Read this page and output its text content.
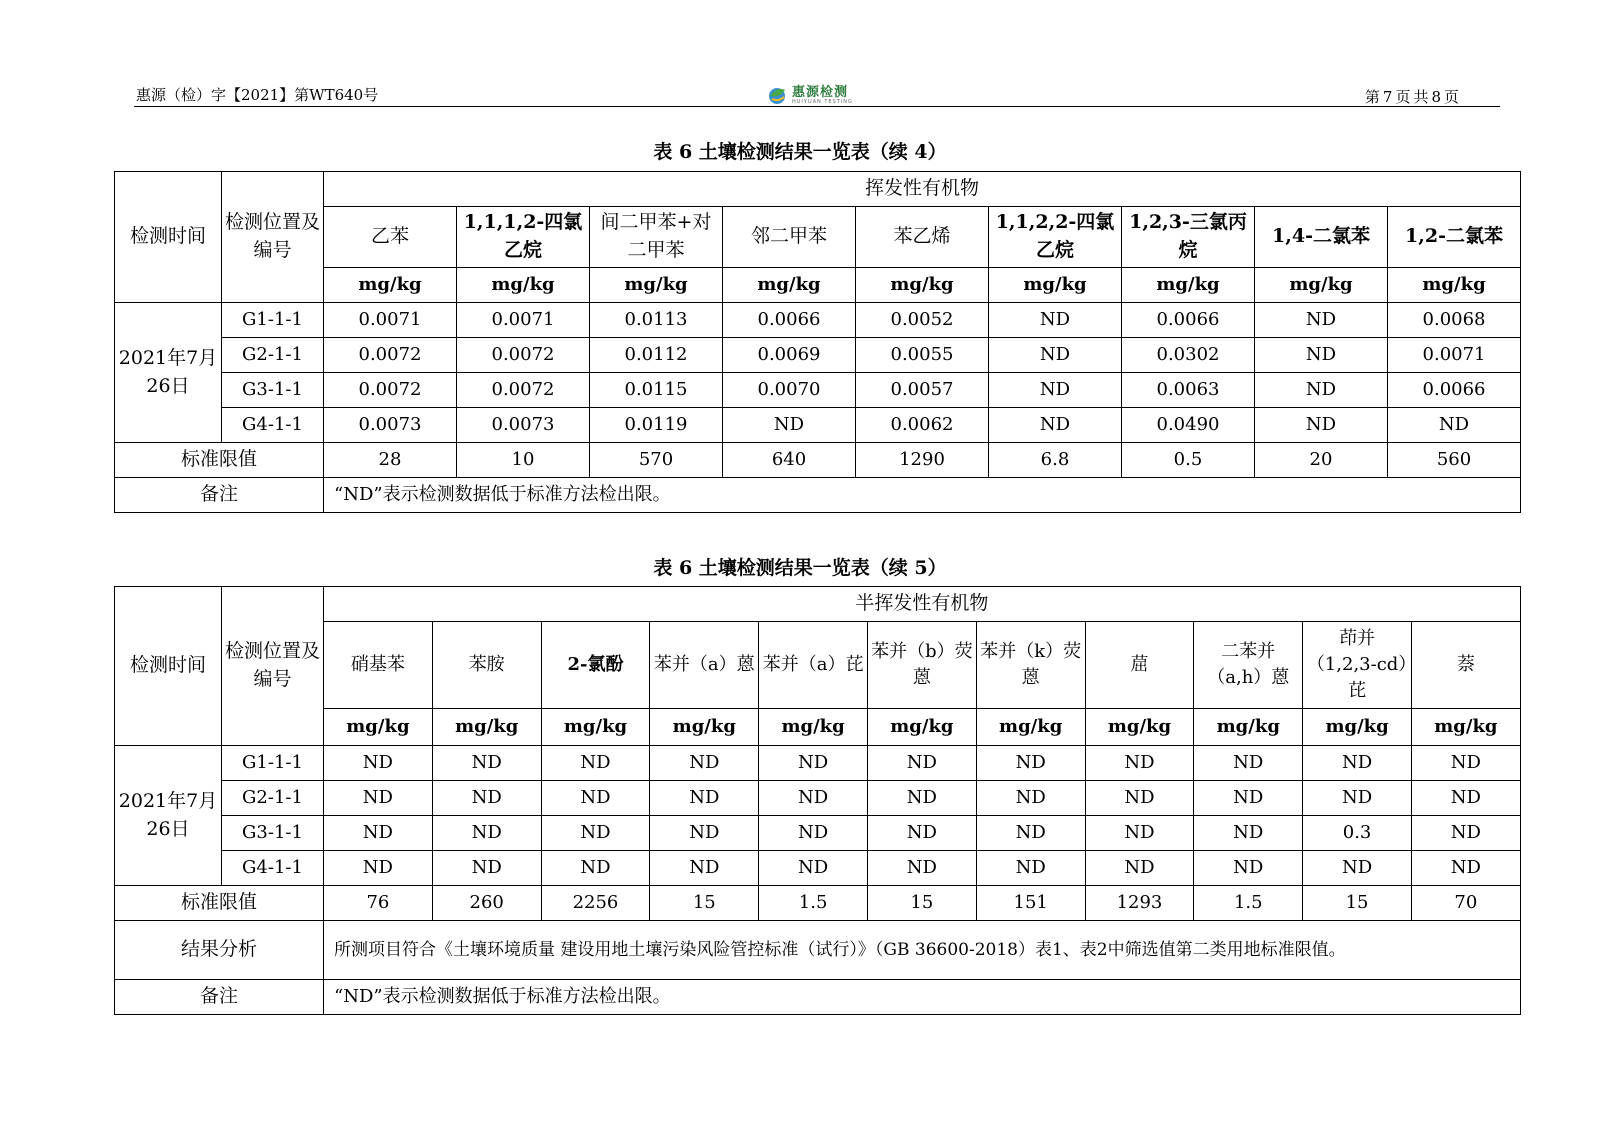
惠源（检）字【2021】第WT640号	惠源检测
HUIYUAN TESTING	第7页共8页
表 6 土壤检测结果一览表（续 4）
检测时间	检测位置及编号	挥发性有机物								
		乙苯	1,1,1,2-四氯乙烷	间二甲苯+对二甲苯	邻二甲苯	苯乙烯	1,1,2,2-四氯乙烷	1,2,3-三氯丙烷	1,4-二氯苯	1,2-二氯苯
		mg/kg	mg/kg	mg/kg	mg/kg	mg/kg	mg/kg	mg/kg	mg/kg	mg/kg
2021年7月26日	G1-1-1	0.0071	0.0071	0.0113	0.0066	0.0052	ND	0.0066	ND	0.0068
	G2-1-1	0.0072	0.0072	0.0112	0.0069	0.0055	ND	0.0302	ND	0.0071
	G3-1-1	0.0072	0.0072	0.0115	0.0070	0.0057	ND	0.0063	ND	0.0066
	G4-1-1	0.0073	0.0073	0.0119	ND	0.0062	ND	0.0490	ND	ND
标准限值		28	10	570	640	1290	6.8	0.5	20	560
备注		“ND”表示检测数据低于标准方法检出限。								
表 6 土壤检测结果一览表（续 5）
检测时间	检测位置及编号	半挥发性有机物										
		硝基苯	苯胺	2-氯酚	苯并（a）蒽	苯并（a）芘	苯并（b）荧蒽	苯并（k）荧蒽	䓛	二苯并（a,h）蒽	茚并（1,2,3-cd）芘	萘
		mg/kg	mg/kg	mg/kg	mg/kg	mg/kg	mg/kg	mg/kg	mg/kg	mg/kg	mg/kg	mg/kg
2021年7月26日	G1-1-1	ND	ND	ND	ND	ND	ND	ND	ND	ND	ND	ND
	G2-1-1	ND	ND	ND	ND	ND	ND	ND	ND	ND	ND	ND
	G3-1-1	ND	ND	ND	ND	ND	ND	ND	ND	ND	0.3	ND
	G4-1-1	ND	ND	ND	ND	ND	ND	ND	ND	ND	ND	ND
标准限值		76	260	2256	15	1.5	15	151	1293	1.5	15	70
结果分析		所测项目符合《土壤环境质量 建设用地土壤污染风险管控标准（试行）》（GB 36600-2018）表1、表2中筛选值第二类用地标准限值。										
备注		“ND”表示检测数据低于标准方法检出限。										
